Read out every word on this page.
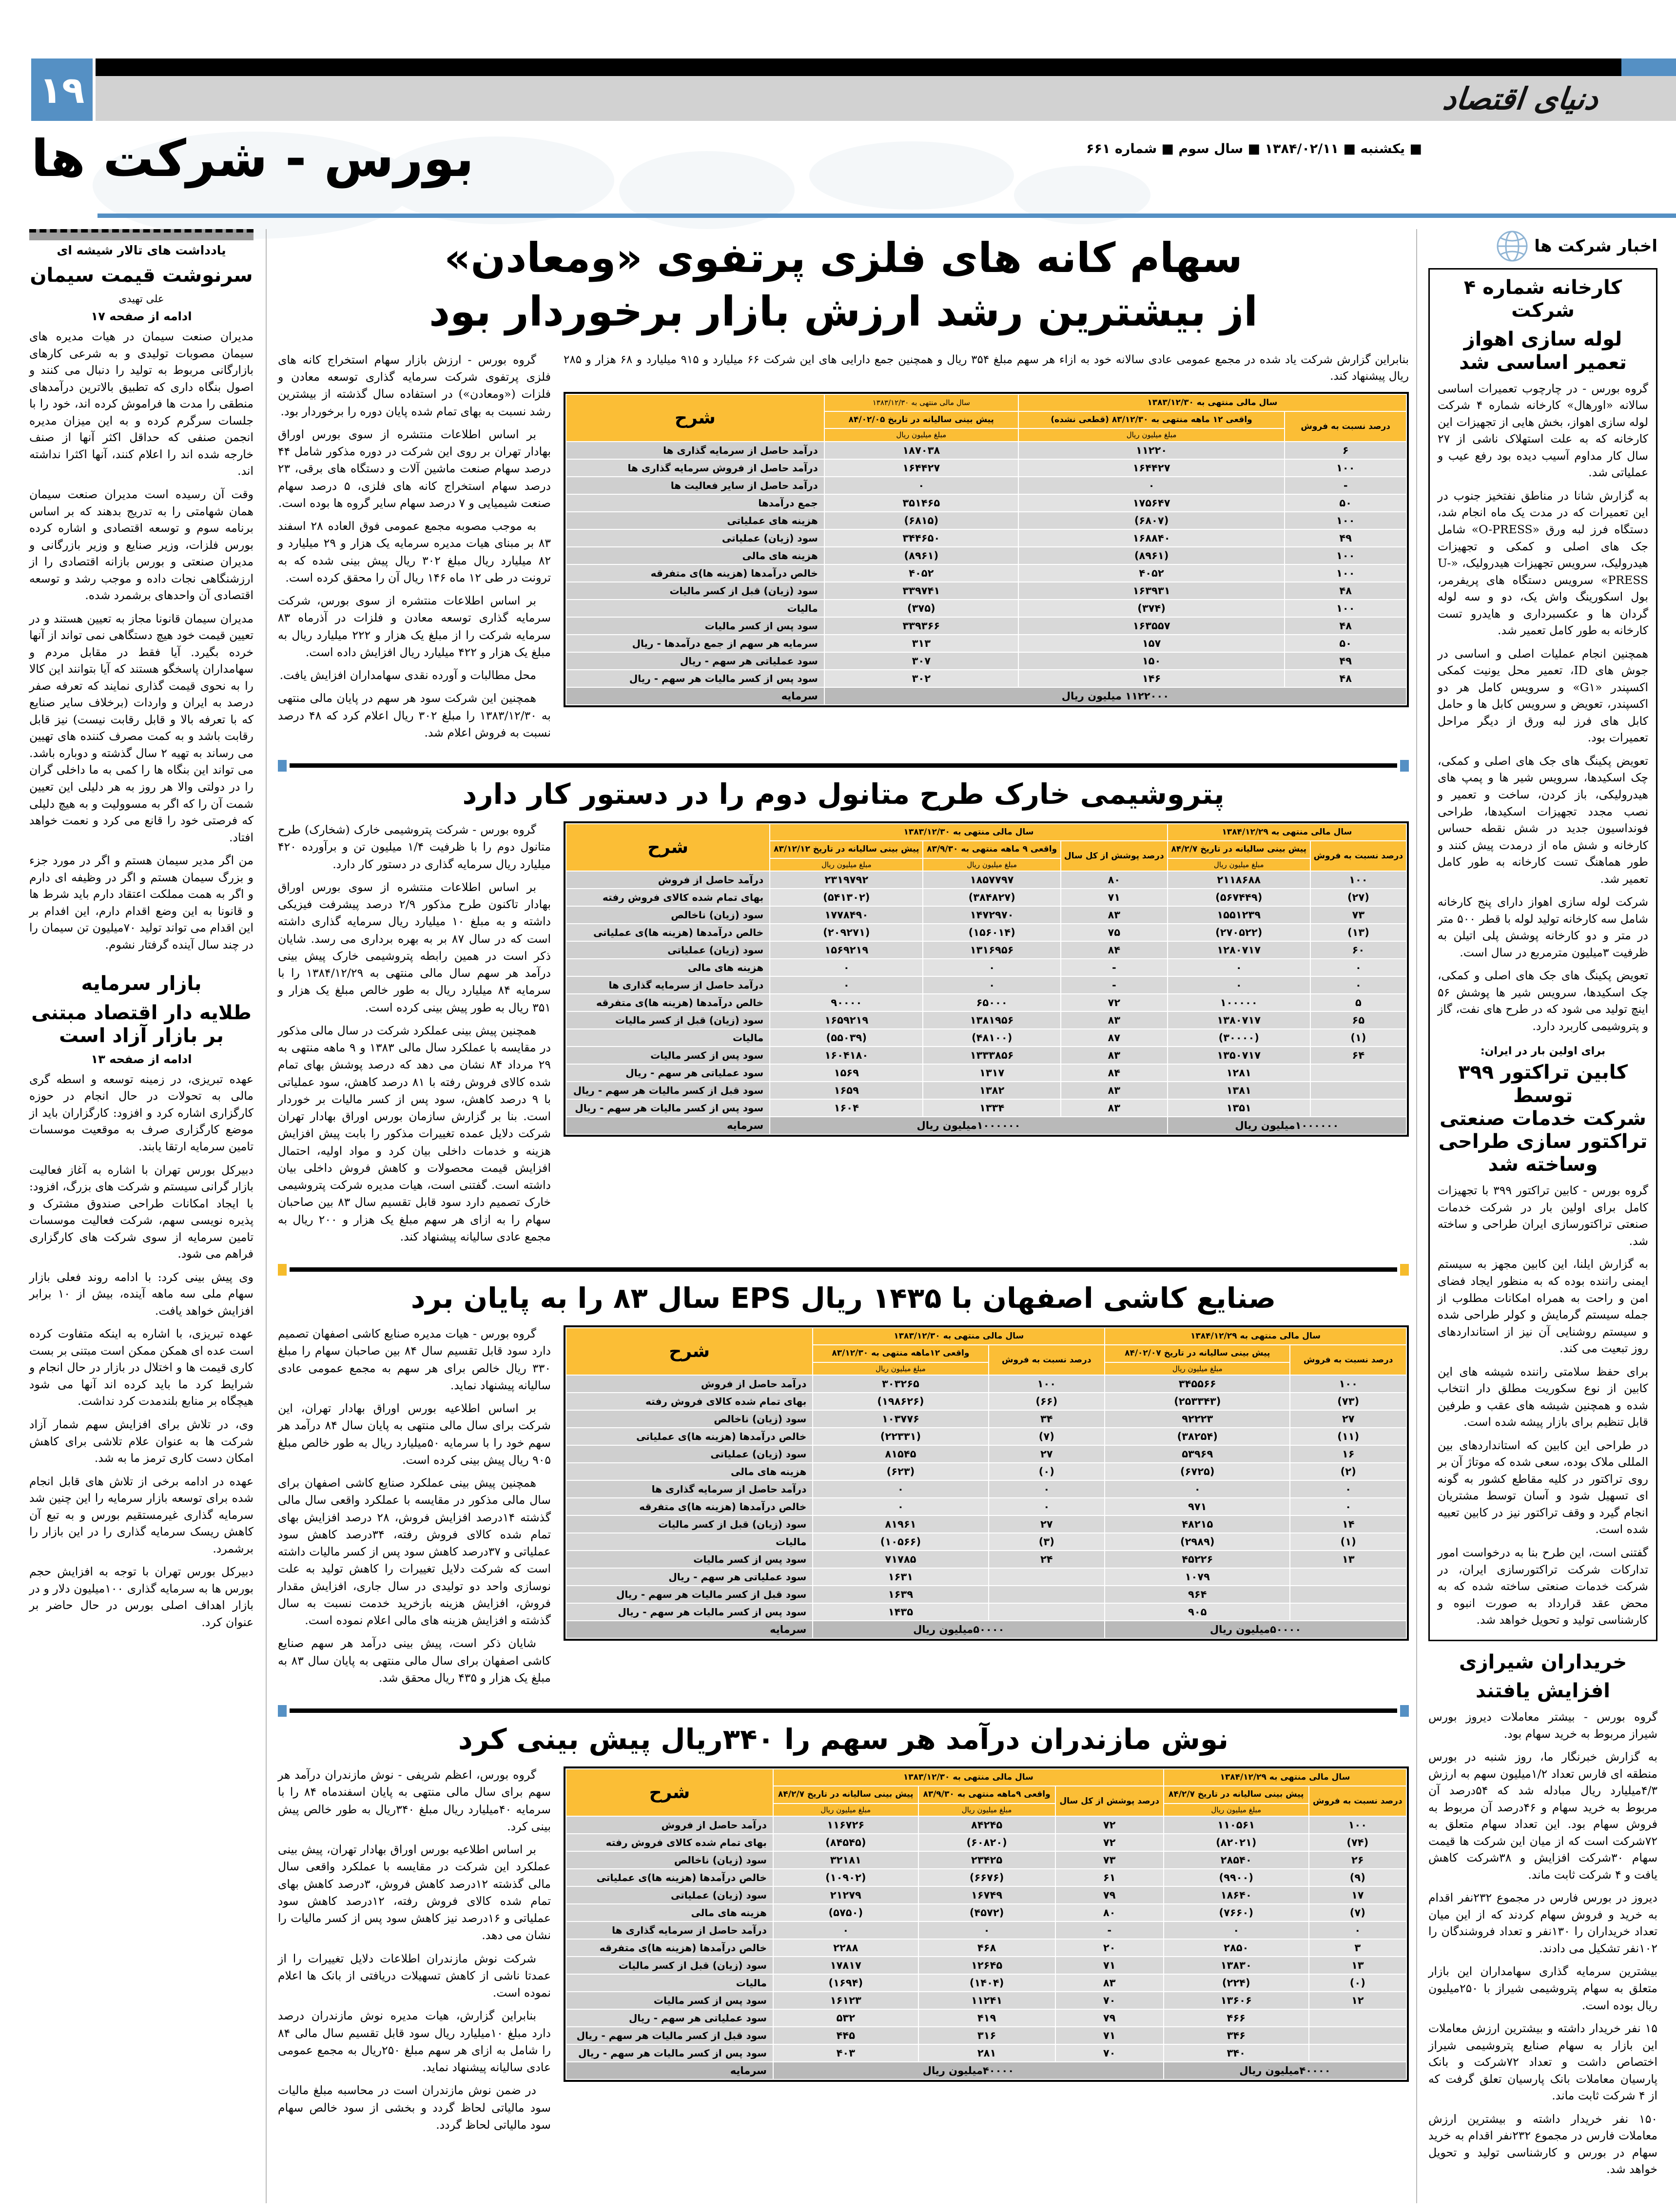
۱۹	دنیای اقتصاد
بورس - شرکت ها	■ یکشنبه ■ ۱۳۸۴/۰۲/۱۱ ■ سال سوم ■ شماره ۶۶۱
یادداشت های تالار شیشه ای
سرنوشت قیمت سیمان
علی تهیدی
ادامه از صفحه ۱۷

مدیران صنعت سیمان در هیات مدیره های سیمان مصوبات تولیدی و به شرعی کارهای بازارگانی مربوط به تولید را دنبال می کنند و اصول بنگاه داری که تطبیق بالاترین درآمدهای منطقی را مدت ها فراموش کرده اند، خود را با جلسات سرگرم کرده و به این میزان مدیره انجمن صنفی که حداقل اکثر آنها از صنف خارجه شده اند را اعلام کنند، آنها اکثرا نداشته اند.

وقت آن رسیده است مدیران صنعت سیمان همان شهامتی را به تدریج بدهند که بر اساس برنامه سوم و توسعه اقتصادی و اشاره کرده بورس فلزات، وزیر صنایع و وزیر بازرگانی و مدیران صنعتی و بورس بازانه اقتصادی را از ارزشنگاهی نجات داده و موجب رشد و توسعه اقتصادی آن واحدهای برشمرد شده.

مدیران سیمان قانونا مجاز به تعیین هستند و در تعیین قیمت خود هیچ دستگاهی نمی تواند از آنها خرده بگیرد. آیا فقط در مقابل مردم و سهامداران پاسخگو هستند که آیا بتوانند این کالا را به نحوی قیمت گذاری نمایند که تعرفه صفر درصد به ایران و واردات (برخلاف سایر صنایع که با تعرفه بالا و قابل رقابت نیست) نیز قابل رقابت باشد و به کمت مصرف کننده های تهیین می رساند به تهیه ۲ سال گذشته و دوباره باشد. می تواند این بنگاه ها را کمی به ما داخلی گران را در دولتی والا هر روز به هر دلیلی این تعیین شمت آن را که اگر به مسوولیت و به هیچ دلیلی که فرصتی خود را قانع می کرد و نعمت خواهد افتاد.

من اگر مدیر سیمان هستم و اگر در مورد جزء و بزرگ سیمان هستم و اگر در وظیفه ای دارم و اگر به همت مملکت اعتقاد دارم باید شرط ها و قانونا به این وضع اقدام دارم، این افدام بر این اقدام می تواند تولید ۷۰میلیون تن سیمان را در چند سال آینده گرفتار نشوم.

بازار سرمایه
طلایه دار اقتصاد مبتنی
بر بازار آزاد است
ادامه از صفحه ۱۳

عهده تبریزی، در زمینه توسعه و اسطه گری مالی به تحولات در حال انجام در حوزه کارگزاری اشاره کرد و افزود: کارگزاران باید از موضع کارگزاری صرف به موقعیت موسسات تامین سرمایه ارتقا یابند.

دبیرکل بورس تهران با اشاره به آغاز فعالیت بازار گرانی سیستم و شرکت های بزرگ، افزود: با ایجاد امکانات طراحی صندوق مشترک و پذیره نویسی سهم، شرکت فعالیت موسسات تامین سرمایه از سوی شرکت های کارگزاری فراهم می شود.

وی پیش بینی کرد: با ادامه روند فعلی بازار سهام ملی سه ماهه آینده، بیش از ۱۰ برابر افزایش خواهد یافت.

عهده تبریزی، با اشاره به اینکه متفاوت کرده است عده ای همکن ممکن است مبتنی بر بست کاری قیمت ها و اختلال در بازار در حال انجام و شرایط کرد ما باید کرده اند آنها می شود هیچگاه بر منابع بلندمدت کرد نداشت.

وی، در تلاش برای افزایش سهم شمار آزاد شرکت ها به عنوان علام تلاشی برای کاهش امکان دست کاری ترمز ما به شد.

عهده در ادامه برخی از تلاش های قابل انجام شده برای توسعه بازار سرمایه را این چنین شد سرمایه گذاری غیرمستقیم بورس و به تبع آن کاهش ریسک سرمایه گذاری را در این بازار را برشمرد.

دبیرکل بورس تهران با توجه به افزایش حجم بورس ها به سرمایه گذاری ۱۰۰میلیون دلار و در بازار اهداف اصلی بورس در حال حاضر بر عنوان کرد.

سهام کانه های فلزی پرتفوی «ومعادن»
از بیشترین رشد ارزش بازار برخوردار بود

گروه بورس - ارزش بازار سهام استخراج کانه های فلزی پرتفوی شرکت سرمایه گذاری توسعه معادن و فلزات («ومعادن») در استفاده سال گذشته از بیشترین رشد نسبت به بهای تمام شده پایان دوره را برخوردار بود.

بر اساس اطلاعات منتشره از سوی بورس اوراق بهادار تهران بر روی این شرکت در دوره مذکور شامل ۴۴ درصد سهام صنعت ماشین آلات و دستگاه های برقی، ۲۳ درصد سهام استخراج کانه های فلزی، ۵ درصد سهام صنعت شیمیایی و ۷ درصد سهام سایر گروه ها بوده است.

به موجب مصوبه مجمع عمومی فوق العاده ۲۸ اسفند ۸۳ بر مبنای هیات مدیره سرمایه یک هزار و ۲۹ میلیارد و ۸۲ میلیارد ریال مبلغ ۳۰۲ ریال پیش بینی شده که به ترونت در طی ۱۲ ماه ۱۴۶ ریال آن را محقق کرده است.

بر اساس اطلاعات منتشره از سوی بورس، شرکت سرمایه گذاری توسعه معادن و فلزات در آذرماه ۸۳ سرمایه شرکت را از مبلغ یک هزار و ۲۲۲ میلیارد ریال به مبلغ یک هزار و ۴۲۲ میلیارد ریال افزایش داده است.

محل مطالبات و آورده نقدی سهامداران افزایش یافت.

همچنین این شرکت سود هر سهم در پایان مالی منتهی به ۱۳۸۳/۱۲/۳۰ را مبلغ ۳۰۲ ریال اعلام کرد که ۴۸ درصد نسبت به فروش اعلام شد.

بنابراین گزارش شرکت یاد شده در مجمع عمومی عادی سالانه خود به ازاء هر سهم مبلغ ۳۵۴ ریال و همچنین جمع دارایی های این شرکت ۶۶ میلیارد و ۹۱۵ میلیارد و ۶۸ هزار و ۲۸۵ ریال پیشنهاد کند.
سال مالی منتهی به ۱۳۸۳/۱۲/۳۰		سال مالی منتهی به ۱۳۸۳/۱۲/۳۰	شرح
درصد نسبت به فروش	واقعی ۱۲ ماهه منتهی به ۸۳/۱۲/۳۰ (قطعی نشده)	پیش بینی سالیانه در تاریخ ۸۴/۰۲/۰۵	
	مبلغ میلیون ریال	مبلغ میلیون ریال	
۶	۱۱۲۲۰	۱۸۷۰۳۸	درآمد حاصل از سرمایه گذاری ها
۱۰۰	۱۶۴۴۲۷	۱۶۴۴۲۷	درآمد حاصل از فروش سرمایه گذاری ها
-	۰	۰	درآمد حاصل از سایر فعالیت ها
۵۰	۱۷۵۶۴۷	۳۵۱۴۶۵	جمع درآمدها
۱۰۰	(۶۸۰۷)	(۶۸۱۵)	هزینه های عملیاتی
۴۹	۱۶۸۸۴۰	۳۴۴۶۵۰	سود (زیان) عملیاتی
۱۰۰	(۸۹۶۱)	(۸۹۶۱)	هزینه های مالی
۱۰۰	۴۰۵۲	۴۰۵۲	خالص درآمدها (هزینه ها)ی متفرقه
۴۸	۱۶۳۹۳۱	۳۳۹۷۴۱	سود (زیان) قبل از کسر مالیات
۱۰۰	(۳۷۴)	(۳۷۵)	مالیات
۴۸	۱۶۳۵۵۷	۳۳۹۳۶۶	سود پس از کسر مالیات
۵۰	۱۵۷	۳۱۳	سرمایه هر سهم از جمع درآمدها - ریال
۴۹	۱۵۰	۳۰۷	سود عملیاتی هر سهم - ریال
۴۸	۱۴۶	۳۰۲	سود پس از کسر مالیات هر سهم - ریال
۱۱۲۲۰۰۰ میلیون ریال			سرمایه
پتروشیمی خارک طرح متانول دوم را در دستور کار دارد

گروه بورس - شرکت پتروشیمی خارک (شخارک) طرح متانول دوم را با ظرفیت ۱/۴ میلیون تن و برآورده ۴۲۰ میلیارد ریال سرمایه گذاری در دستور کار دارد.

بر اساس اطلاعات منتشره از سوی بورس اوراق بهادار تاکنون طرح مذکور ۲/۹ درصد پیشرفت فیزیکی داشته و به مبلغ ۱۰ میلیارد ریال سرمایه گذاری داشته است که در سال ۸۷ بر به بهره برداری می رسد. شایان ذکر است در همین رابطه پتروشیمی خارک پیش بینی درآمد هر سهم سال مالی منتهی به ۱۳۸۴/۱۲/۲۹ را با سرمایه ۸۴ میلیارد ریال به طور خالص مبلغ یک هزار و ۳۵۱ ریال به طور پیش بینی کرده است.

همچنین پیش بینی عملکرد شرکت در سال مالی مذکور در مقایسه با عملکرد سال مالی ۱۳۸۳ و ۹ ماهه منتهی به ۲۹ مرداد ۸۴ نشان می دهد که درصد پوشش بهای تمام شده کالای فروش رفته با ۸۱ درصد کاهش، سود عملیاتی با ۹ درصد کاهش، سود پس از کسر مالیات بر خوردار است. بنا بر گزارش سازمان بورس اوراق بهادار تهران شرکت دلایل عمده تغییرات مذکور را بابت پیش افزایش هزینه و خدمات داخلی بیان کرد و مواد اولیه، احتمال افزایش قیمت محصولات و کاهش فروش داخلی بیان داشته است. گفتنی است، هیات مدیره شرکت پتروشیمی خارک تصمیم دارد سود قابل تقسیم سال ۸۳ بین صاحبان سهام را به ازای هر سهم مبلغ یک هزار و ۲۰۰ ریال به مجمع عادی سالیانه پیشنهاد کند.

سال مالی منتهی به ۱۳۸۴/۱۲/۲۹		سال مالی منتهی به ۱۳۸۳/۱۲/۳۰			شرح
درصد نسبت به فروش	پیش بینی سالیانه در تاریخ ۸۴/۲/۷	درصد پوشش از کل سال	واقعی ۹ ماهه منتهی به ۸۳/۹/۳۰	پیش بینی سالیانه در تاریخ ۸۳/۱۲/۱۲	
	مبلغ میلیون ریال		مبلغ میلیون ریال	مبلغ میلیون ریال	
۱۰۰	۲۱۱۸۶۸۸	۸۰	۱۸۵۷۷۹۷	۲۳۱۹۷۹۲	درآمد حاصل از فروش
(۲۷)	(۵۶۷۴۴۹)	۷۱	(۳۸۴۸۲۷)	(۵۴۱۳۰۲)	بهای تمام شده کالای فروش رفته
۷۳	۱۵۵۱۲۳۹	۸۳	۱۴۷۲۹۷۰	۱۷۷۸۴۹۰	سود (زیان) ناخالص
(۱۳)	(۲۷۰۵۲۲)	۷۵	(۱۵۶۰۱۴)	(۲۰۹۲۷۱)	خالص درآمدها (هزینه ها)ی عملیاتی
۶۰	۱۲۸۰۷۱۷	۸۴	۱۳۱۶۹۵۶	۱۵۶۹۲۱۹	سود (زیان) عملیاتی
۰	۰	-	۰	۰	هزینه های مالی
۰	۰	-	۰	۰	درآمد حاصل از سرمایه گذاری ها
۵	۱۰۰۰۰۰	۷۲	۶۵۰۰۰	۹۰۰۰۰	خالص درآمدها (هزینه ها)ی متفرقه
۶۵	۱۳۸۰۷۱۷	۸۳	۱۳۸۱۹۵۶	۱۶۵۹۲۱۹	سود (زیان) قبل از کسر مالیات
(۱)	(۳۰۰۰۰)	۸۷	(۴۸۱۰۰)	(۵۵۰۳۹)	مالیات
۶۴	۱۳۵۰۷۱۷	۸۳	۱۳۳۳۸۵۶	۱۶۰۴۱۸۰	سود پس از کسر مالیات
	۱۲۸۱	۸۴	۱۳۱۷	۱۵۶۹	سود عملیاتی هر سهم - ریال
	۱۳۸۱	۸۳	۱۳۸۲	۱۶۵۹	سود قبل از کسر مالیات هر سهم - ریال
	۱۳۵۱	۸۳	۱۳۳۴	۱۶۰۴	سود پس از کسر مالیات هر سهم - ریال
۱۰۰۰۰۰۰میلیون ریال		۱۰۰۰۰۰۰میلیون ریال			سرمایه
صنایع کاشی اصفهان با ۱۴۳۵ ریال EPS سال ۸۳ را به پایان برد

گروه بورس - هیات مدیره صنایع کاشی اصفهان تصمیم دارد سود قابل تقسیم سال ۸۴ بین صاحبان سهام را مبلغ ۳۳۰ ریال خالص برای هر سهم به مجمع عمومی عادی سالیانه پیشنهاد نماید.

بر اساس اطلاعیه بورس اوراق بهادار تهران، این شرکت برای سال مالی منتهی به پایان سال ۸۴ درآمد هر سهم خود را با سرمایه ۵۰میلیارد ریال به طور خالص مبلغ ۹۰۵ ریال پیش بینی کرده است.

همچنین پیش بینی عملکرد صنایع کاشی اصفهان برای سال مالی مذکور در مقایسه با عملکرد واقعی سال مالی گذشته ۱۴درصد افزایش فروش، ۲۸ درصد افزایش بهای تمام شده کالای فروش رفته، ۳۴درصد کاهش سود عملیاتی و ۳۷درصد کاهش سود پس از کسر مالیات داشته است که شرکت دلایل تغییرات را کاهش تولید به علت نوسازی واحد دو تولیدی در سال جاری، افزایش مقدار فروش، افزایش هزینه بازخرید خدمت نسبت به سال گذشته و افزایش هزینه های مالی اعلام نموده است.

شایان ذکر است، پیش بینی درآمد هر سهم صنایع کاشی اصفهان برای سال مالی منتهی به پایان سال ۸۳ به مبلغ یک هزار و ۴۳۵ ریال محقق شد.

سال مالی منتهی به ۱۳۸۴/۱۲/۲۹		سال مالی منتهی به ۱۳۸۳/۱۲/۳۰		شرح
درصد نسبت به فروش	پیش بینی سالیانه در تاریخ ۸۴/۰۲/۰۷	درصد نسبت به فروش	واقعی ۱۲ماهه منتهی به ۸۳/۱۲/۳۰	
	مبلغ میلیون ریال		مبلغ میلیون ریال	
۱۰۰	۳۴۵۵۶۶	۱۰۰	۳۰۳۲۶۵	درآمد حاصل از فروش
(۷۳)	(۲۵۳۳۴۳)	(۶۶)	(۱۹۸۶۲۶)	بهای تمام شده کالای فروش رفته
۲۷	۹۲۲۲۳	۳۴	۱۰۳۷۷۶	سود (زیان) ناخالص
(۱۱)	(۳۸۲۵۴)	(۷)	(۲۲۳۳۱)	خالص درآمدها (هزینه ها)ی عملیاتی
۱۶	۵۳۹۶۹	۲۷	۸۱۵۴۵	سود (زیان) عملیاتی
(۲)	(۶۷۲۵)	(۰)	(۶۲۳)	هزینه های مالی
۰	۰	۰	۰	درآمد حاصل از سرمایه گذاری ها
۰	۹۷۱	۰	۰	خالص درآمدها (هزینه ها)ی متفرقه
۱۴	۴۸۲۱۵	۲۷	۸۱۹۶۱	سود (زیان) قبل از کسر مالیات
(۱)	(۲۹۸۹)	(۳)	(۱۰۵۶۶)	مالیات
۱۳	۴۵۲۲۶	۲۴	۷۱۷۸۵	سود پس از کسر مالیات
	۱۰۷۹		۱۶۳۱	سود عملیاتی هر سهم - ریال
	۹۶۴		۱۶۳۹	سود قبل از کسر مالیات هر سهم - ریال
	۹۰۵		۱۴۳۵	سود پس از کسر مالیات هر سهم - ریال
۵۰۰۰۰میلیون ریال		۵۰۰۰۰میلیون ریال		سرمایه
نوش مازندران درآمد هر سهم را ۳۴۰ریال پیش بینی کرد

گروه بورس، اعظم شریفی - نوش مازندران درآمد هر سهم برای سال مالی منتهی به پایان اسفندماه ۸۴ را با سرمایه ۴۰میلیارد ریال مبلغ ۳۴۰ریال به طور خالص پیش بینی کرد.

بر اساس اطلاعیه بورس اوراق بهادار تهران، پیش بینی عملکرد این شرکت در مقایسه با عملکرد واقعی سال مالی گذشته ۱۲درصد کاهش فروش، ۳درصد کاهش بهای تمام شده کالای فروش رفته، ۱۲درصد کاهش سود عملیاتی و ۱۶درصد نیز کاهش سود پس از کسر مالیات را نشان می دهد.

شرکت نوش مازندران اطلاعات دلایل تغییرات را از عمدتا ناشی از کاهش تسهیلات دریافتی از بانک ها اعلام نموده است.

بنابراین گزارش، هیات مدیره نوش مازندران درصد دارد مبلغ ۱۰میلیارد ریال سود قابل تقسیم سال مالی ۸۴ را شامل به ازای هر سهم مبلغ ۲۵۰ریال به مجمع عمومی عادی سالیانه پیشنهاد نماید.

در ضمن نوش مازندران است در محاسبه مبلغ مالیات سود مالیاتی لحاظ گردد و بخشی از سود خالص سهام سود مالیاتی لحاظ گردد.

سال مالی منتهی به ۱۳۸۴/۱۲/۲۹		سال مالی منتهی به ۱۳۸۳/۱۲/۳۰			شرح
درصد نسبت به فروش	پیش بینی سالیانه در تاریخ ۸۴/۲/۷	درصد پوشش از کل سال	واقعی ۹ماهه منتهی به ۸۳/۹/۳۰	پیش بینی سالیانه در تاریخ ۸۴/۲/۷	
	مبلغ میلیون ریال		مبلغ میلیون ریال	مبلغ میلیون ریال	
۱۰۰	۱۱۰۵۶۱	۷۲	۸۴۲۴۵	۱۱۶۷۲۶	درآمد حاصل از فروش
(۷۴)	(۸۲۰۲۱)	۷۲	(۶۰۸۲۰)	(۸۴۵۴۵)	بهای تمام شده کالای فروش رفته
۲۶	۲۸۵۴۰	۷۳	۲۳۴۲۵	۳۲۱۸۱	سود (زیان) ناخالص
(۹)	(۹۹۰۰)	۶۱	(۶۶۷۶)	(۱۰۹۰۲)	خالص درآمدها (هزینه ها)ی عملیاتی
۱۷	۱۸۶۴۰	۷۹	۱۶۷۴۹	۲۱۲۷۹	سود (زیان) عملیاتی
(۷)	(۷۶۶۰)	۸۰	(۴۵۷۲)	(۵۷۵۰)	هزینه های مالی
۰	۰	-	۰	۰	درآمد حاصل از سرمایه گذاری ها
۳	۲۸۵۰	۲۰	۴۶۸	۲۲۸۸	خالص درآمدها (هزینه ها)ی متفرقه
۱۳	۱۳۸۳۰	۷۱	۱۲۶۴۵	۱۷۸۱۷	سود (زیان) قبل از کسر مالیات
(۰)	(۲۲۴)	۸۳	(۱۴۰۴)	(۱۶۹۴)	مالیات
۱۲	۱۳۶۰۶	۷۰	۱۱۲۴۱	۱۶۱۲۳	سود پس از کسر مالیات
	۴۶۶	۷۹	۴۱۹	۵۳۲	سود عملیاتی هر سهم - ریال
	۳۴۶	۷۱	۳۱۶	۴۴۵	سود قبل از کسر مالیات هر سهم - ریال
	۳۴۰	۷۰	۲۸۱	۴۰۳	سود پس از کسر مالیات هر سهم - ریال
۴۰۰۰۰میلیون ریال		۴۰۰۰۰میلیون ریال			سرمایه
اخبار شرکت ها
کارخانه شماره ۴ شرکت
لوله سازی اهواز
تعمیر اساسی شد

گروه بورس - در چارچوب تعمیرات اساسی سالانه «اورهال» کارخانه شماره ۴ شرکت لوله سازی اهواز، بخش هایی از تجهیزات این کارخانه که به علت استهلاک ناشی از ۲۷ سال کار مداوم آسیب دیده بود رفع عیب و عملیاتی شد.

به گزارش شانا در مناطق نفتخیز جنوب در این تعمیرات که در مدت یک ماه انجام شد، دستگاه فرز لبه ورق «O-PRESS» شامل جک های اصلی و کمکی و تجهیزات هیدرولیک، سرویس تجهیزات هیدرولیک، «U-PRESS» سرویس دستگاه های پریفرمر، بول اسکورینگ واش یک، دو و سه لوله گردان ها و عکسبرداری و هایدرو تست کارخانه به طور کامل تعمیر شد.

همچنین انجام عملیات اصلی و اساسی در جوش های ID، تعمیر محل یونیت کمکی اکسپندر «G۱» و سرویس کامل هر دو اکسپندر، تعویض و سرویس کابل ها و حامل کابل های فرز لبه ورق از دیگر مراحل تعمیرات بود.

تعویض پکینگ های جک های اصلی و کمکی، چک اسکیدها، سرویس شیر ها و پمپ های هیدرولیکی، باز کردن، ساخت و تعمیر و نصب مجدد تجهیزات اسکیدها، طراحی فونداسیون جدید در شش نقطه حساس کارخانه و شش ماه از درمدت پیش کنند و طور هماهنگ تست کارخانه به طور کامل تعمیر شد.

شرکت لوله سازی اهواز دارای پنج کارخانه شامل سه کارخانه تولید لوله با قطر ۵۰۰ متر در متر و دو کارخانه پوشش پلی اتیلن به ظرفیت ۳میلیون مترمربع در سال است.

تعویض پکینگ های جک های اصلی و کمکی، چک اسکیدها، سرویس شیر ها پوشش ۵۶ اینچ تولید می شود که در طرح های نفت، گاز و پتروشیمی کاربرد دارد.

برای اولین بار در ایران:
کابین تراکتور ۳۹۹ توسط
شرکت خدمات صنعتی
تراکتور سازی طراحی
وساخته شد

گروه بورس - کابین تراکتور ۳۹۹ با تجهیزات کامل برای اولین بار در شرکت خدمات صنعتی تراکتورسازی ایران طراحی و ساخته شد.

به گزارش ایلنا، این کابین مجهز به سیستم ایمنی راننده بوده که به منظور ایجاد فضای امن و راحت به همراه امکانات مطلوب از جمله سیستم گرمایش و کولر طراحی شده و سیستم روشنایی آن نیز از استانداردهای روز تبعیت می کند.

برای حفظ سلامتی راننده شیشه های این کابین از نوع سکوریت مطلق دار انتخاب شده و همچنین شیشه های عقب و طرفین قابل تنظیم برای بازار پیشه شده است.

در طراحی این کابین که استانداردهای بین المللی ملاک بوده، سعی شده که موتاژ آن بر روی تراکتور در کلیه مقاطع کشور به گونه ای تسهیل شود و آسان توسط مشتریان انجام گیرد و وقف تراکتور نیز در کابین تعبیه شده است.

گفتنی است، این طرح بنا به درخواست امور تدارکات شرکت تراکتورسازی ایران، در شرکت خدمات صنعتی ساخته شده که به محض عقد قرارداد به صورت انبوه و کارشناسی تولید و تحویل خواهد شد.

خریداران شیرازی
افزایش یافتند

گروه بورس - بیشتر معاملات دیروز بورس شیراز مربوط به خرید سهام بود.

به گزارش خبرنگار ما، روز شنبه در بورس منطقه ای فارس تعداد ۱/۲میلیون سهم به ارزش ۴/۳میلیارد ریال مبادله شد که ۵۴درصد آن مربوط به خرید سهام و ۴۶درصد آن مربوط به فروش سهام بود. این تعداد سهام متعلق به ۷۲شرکت است که از میان این شرکت ها قیمت سهام ۳۰شرکت افزایش و ۳۸شرکت کاهش یافت و ۴ شرکت ثابت ماند.

دیروز در بورس فارس در مجموع ۲۳۲نفر اقدام به خرید و فروش سهام کردند که از این میان تعداد خریداران را ۱۳۰نفر و تعداد فروشندگان را ۱۰۲نفر تشکیل می دادند.

بیشترین سرمایه گذاری سهامداران این بازار متعلق به سهام پتروشیمی شیراز با ۲۵۰میلیون ریال بوده است.

۱۵ نفر خریدار داشته و بیشترین ارزش معاملات این بازار به سهام صنایع پتروشیمی شیراز اختصاص داشت و تعداد ۷۲شرکت و بانک پارسیان معاملات بانک پارسیان تعلق گرفت که از ۴ شرکت ثابت ماند.

۱۵۰ نفر خریدار داشته و بیشترین ارزش معاملات فارس در مجموع ۲۳۲نفر اقدام به خرید سهام در بورس و کارشناسی تولید و تحویل خواهد شد.
